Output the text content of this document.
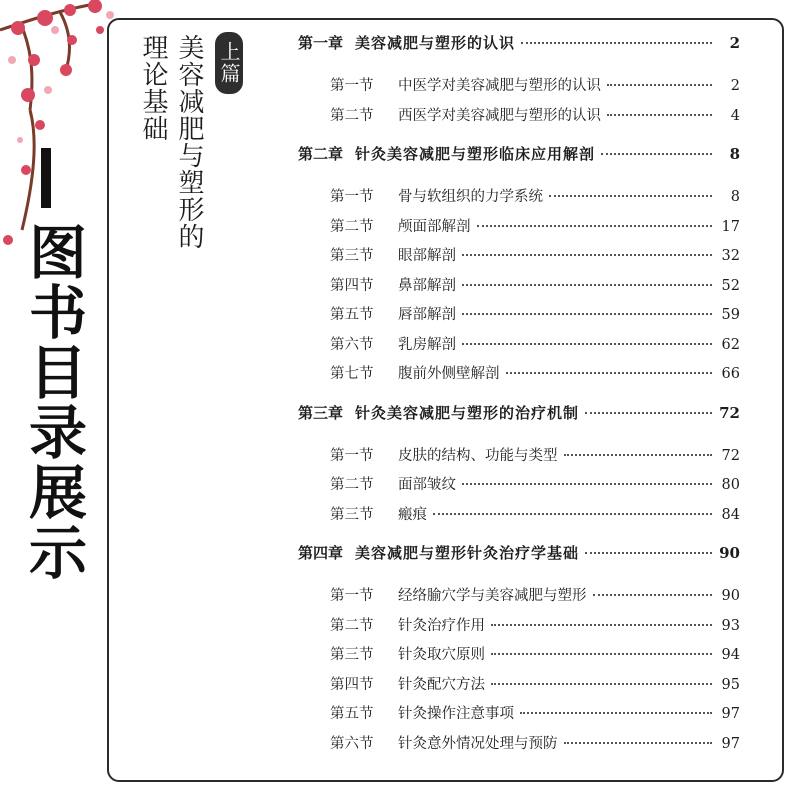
图书目录展示
上篇
美容减肥与塑形的
理论基础	第一章 美容减肥与塑形的认识	2
第一节	中医学对美容减肥与塑形的认识	2
第二节	西医学对美容减肥与塑形的认识	4
第二章 针灸美容减肥与塑形临床应用解剖	8
第一节	骨与软组织的力学系统	8
第二节	颅面部解剖	17
第三节	眼部解剖	32
第四节	鼻部解剖	52
第五节	唇部解剖	59
第六节	乳房解剖	62
第七节	腹前外侧壁解剖	66
第三章 针灸美容减肥与塑形的治疗机制	72
第一节	皮肤的结构、功能与类型	72
第二节	面部皱纹	80
第三节	瘢痕	84
第四章 美容减肥与塑形针灸治疗学基础	90
第一节	经络腧穴学与美容减肥与塑形	90
第二节	针灸治疗作用	93
第三节	针灸取穴原则	94
第四节	针灸配穴方法	95
第五节	针灸操作注意事项	97
第六节	针灸意外情况处理与预防	97
